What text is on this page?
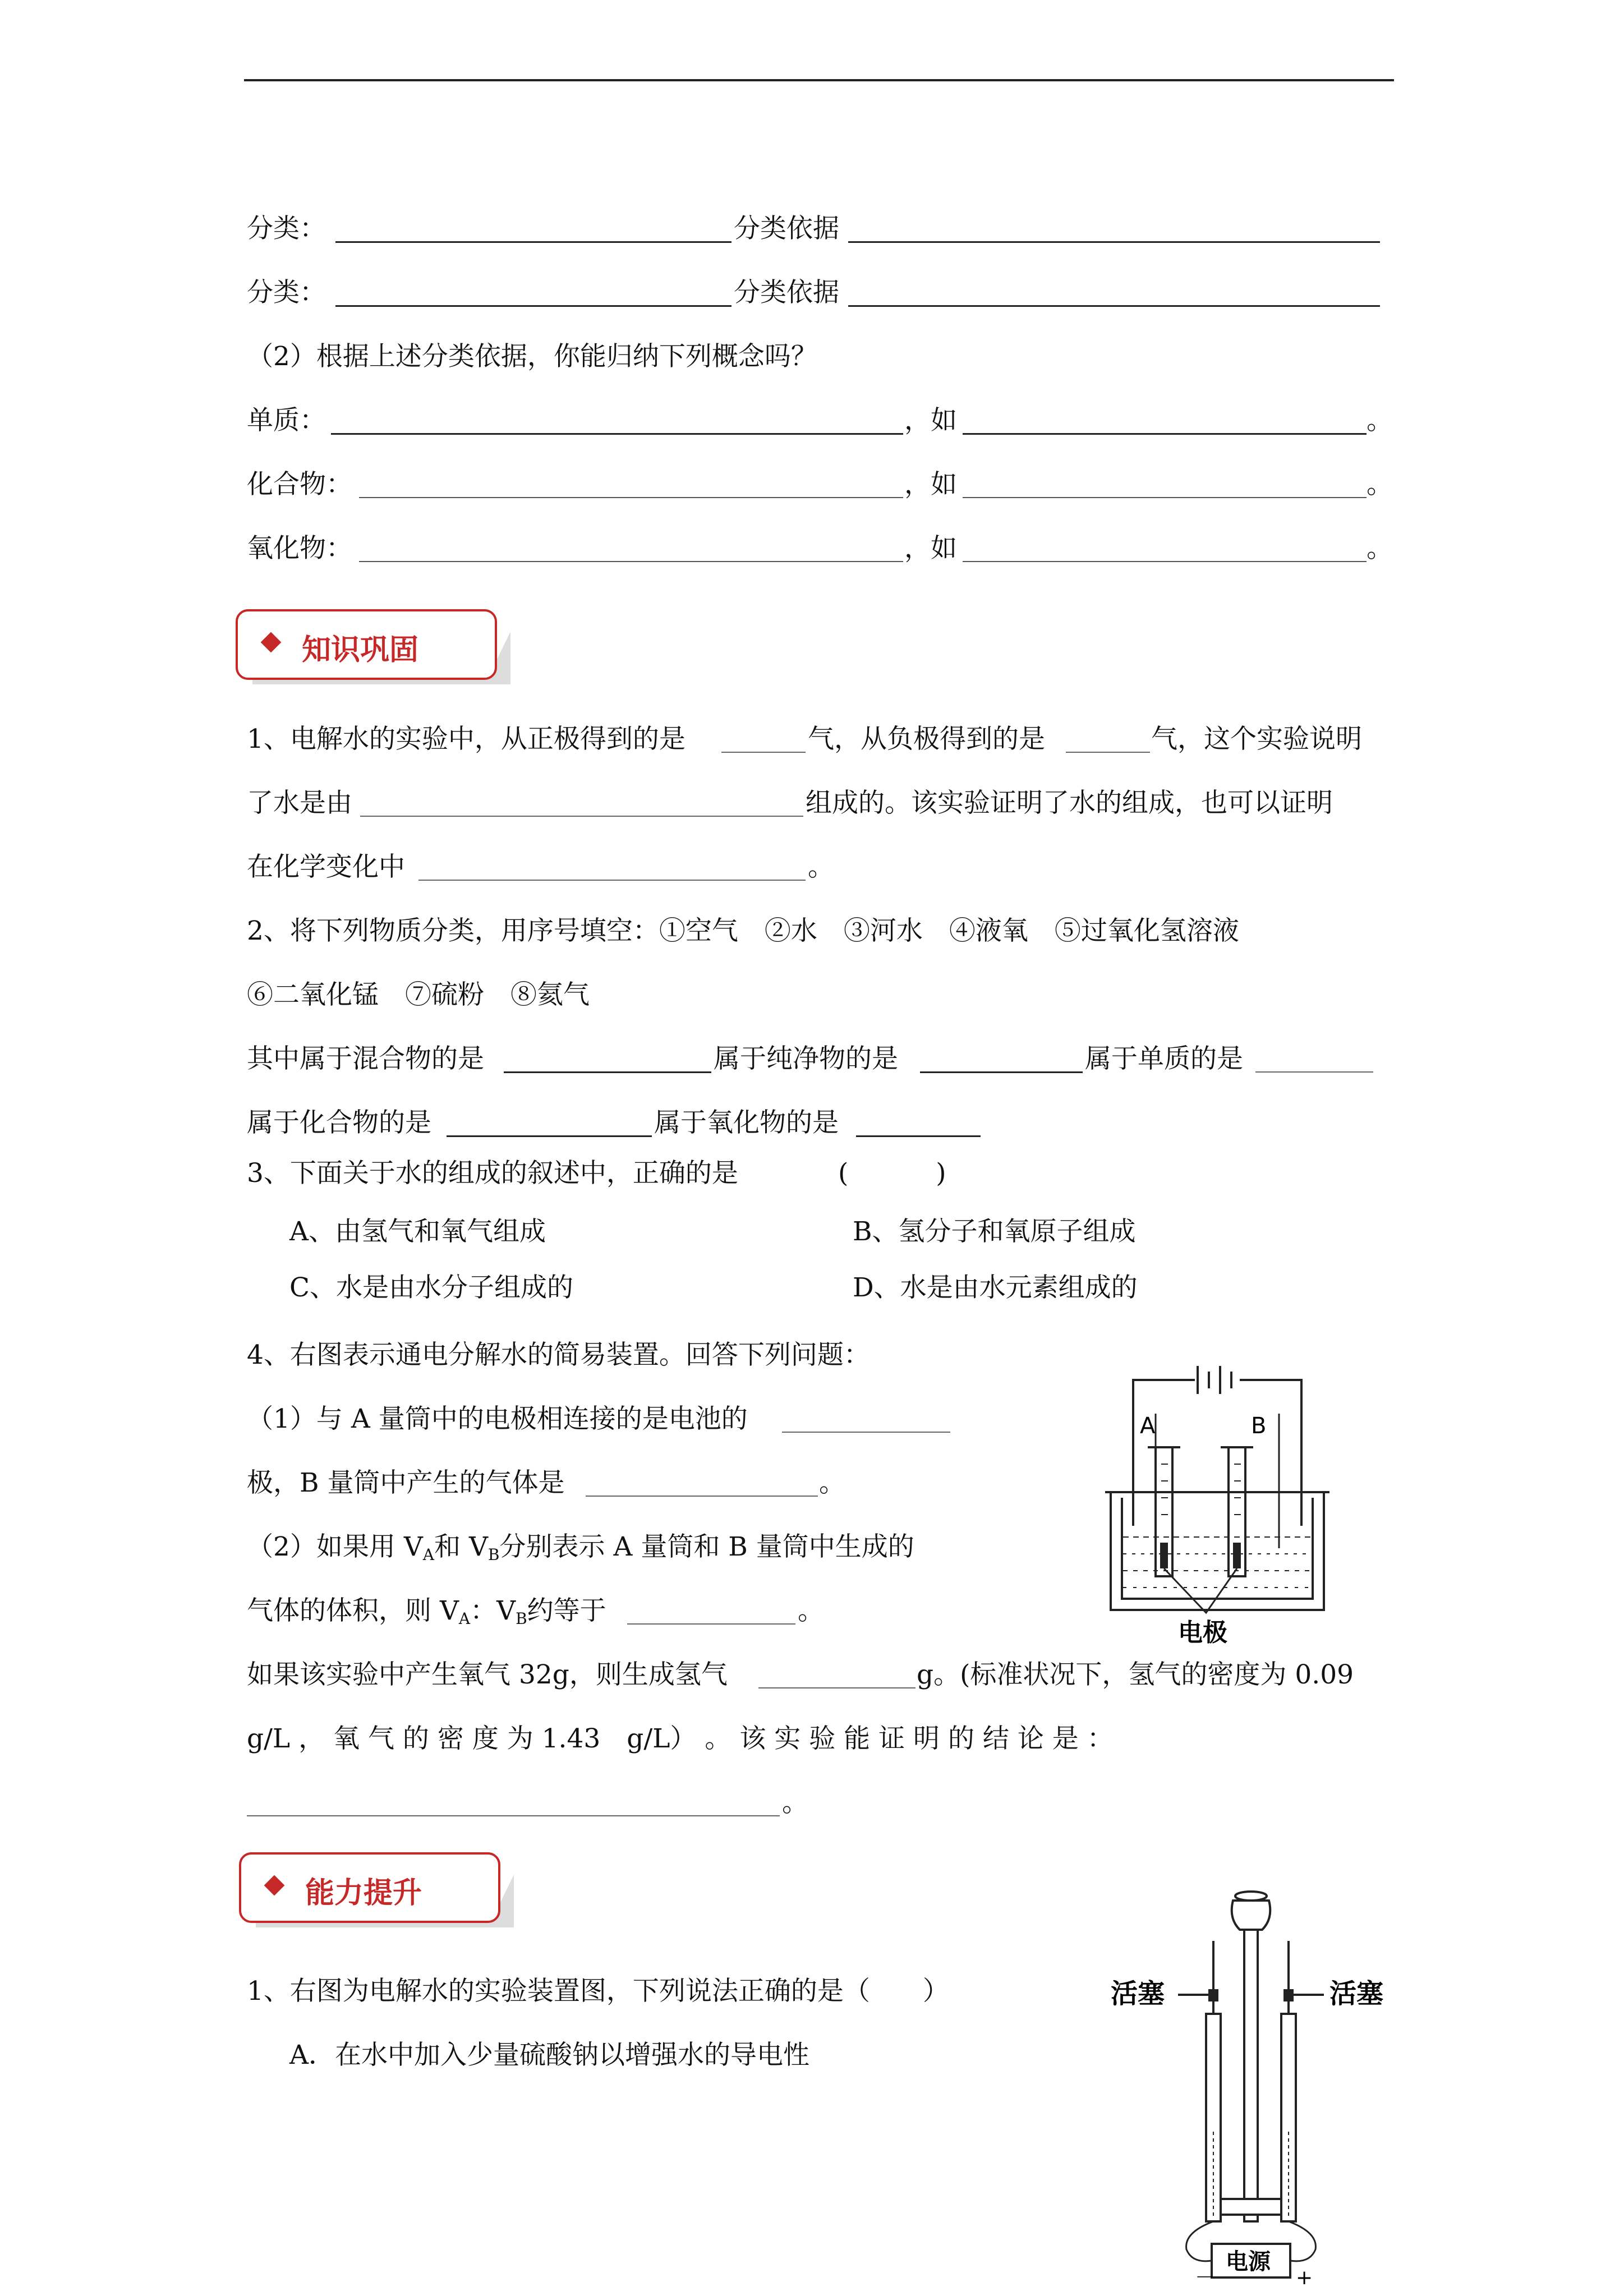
分类：	分类依据
分类：	分类依据
（2）根据上述分类依据，你能归纳下列概念吗？
单质：	，如	。
化合物：	，如	。
氧化物：	，如	。
知识巩固
1、电解水的实验中，从正极得到的是	气，从负极得到的是	气，这个实验说明
了水是由	组成的。该实验证明了水的组成，也可以证明
在化学变化中	。
2、将下列物质分类，用序号填空：①空气　②水　③河水　④液氧　⑤过氧化氢溶液
⑥二氧化锰　⑦硫粉　⑧氦气
其中属于混合物的是	属于纯净物的是	属于单质的是
属于化合物的是	属于氧化物的是
3、下面关于水的组成的叙述中，正确的是	(　　　 )
A、由氢气和氧气组成	B、氢分子和氧原子组成
C、水是由水分子组成的	D、水是由水元素组成的
4、右图表示通电分解水的简易装置。回答下列问题：
（1）与 A 量筒中的电极相连接的是电池的
极，B 量筒中产生的气体是	。
（2）如果用 $V_A$和 $V_B$分别表示 A 量筒和 B 量筒中生成的
气体的体积，则 $V_A$：$V_B$约等于	。
如果该实验中产生氧气 32g，则生成氢气	g。(标准状况下，氢气的密度为 0.09
g/L ， 氧 气 的 密 度 为 1.43　g/L） 。 该 实 验 能 证 明 的 结 论 是 ：
。
A	B
电极
能力提升
1、右图为电解水的实验装置图，下列说法正确的是（　　）
A．在水中加入少量硫酸钠以增强水的导电性
活塞	活塞
电源
－	+
